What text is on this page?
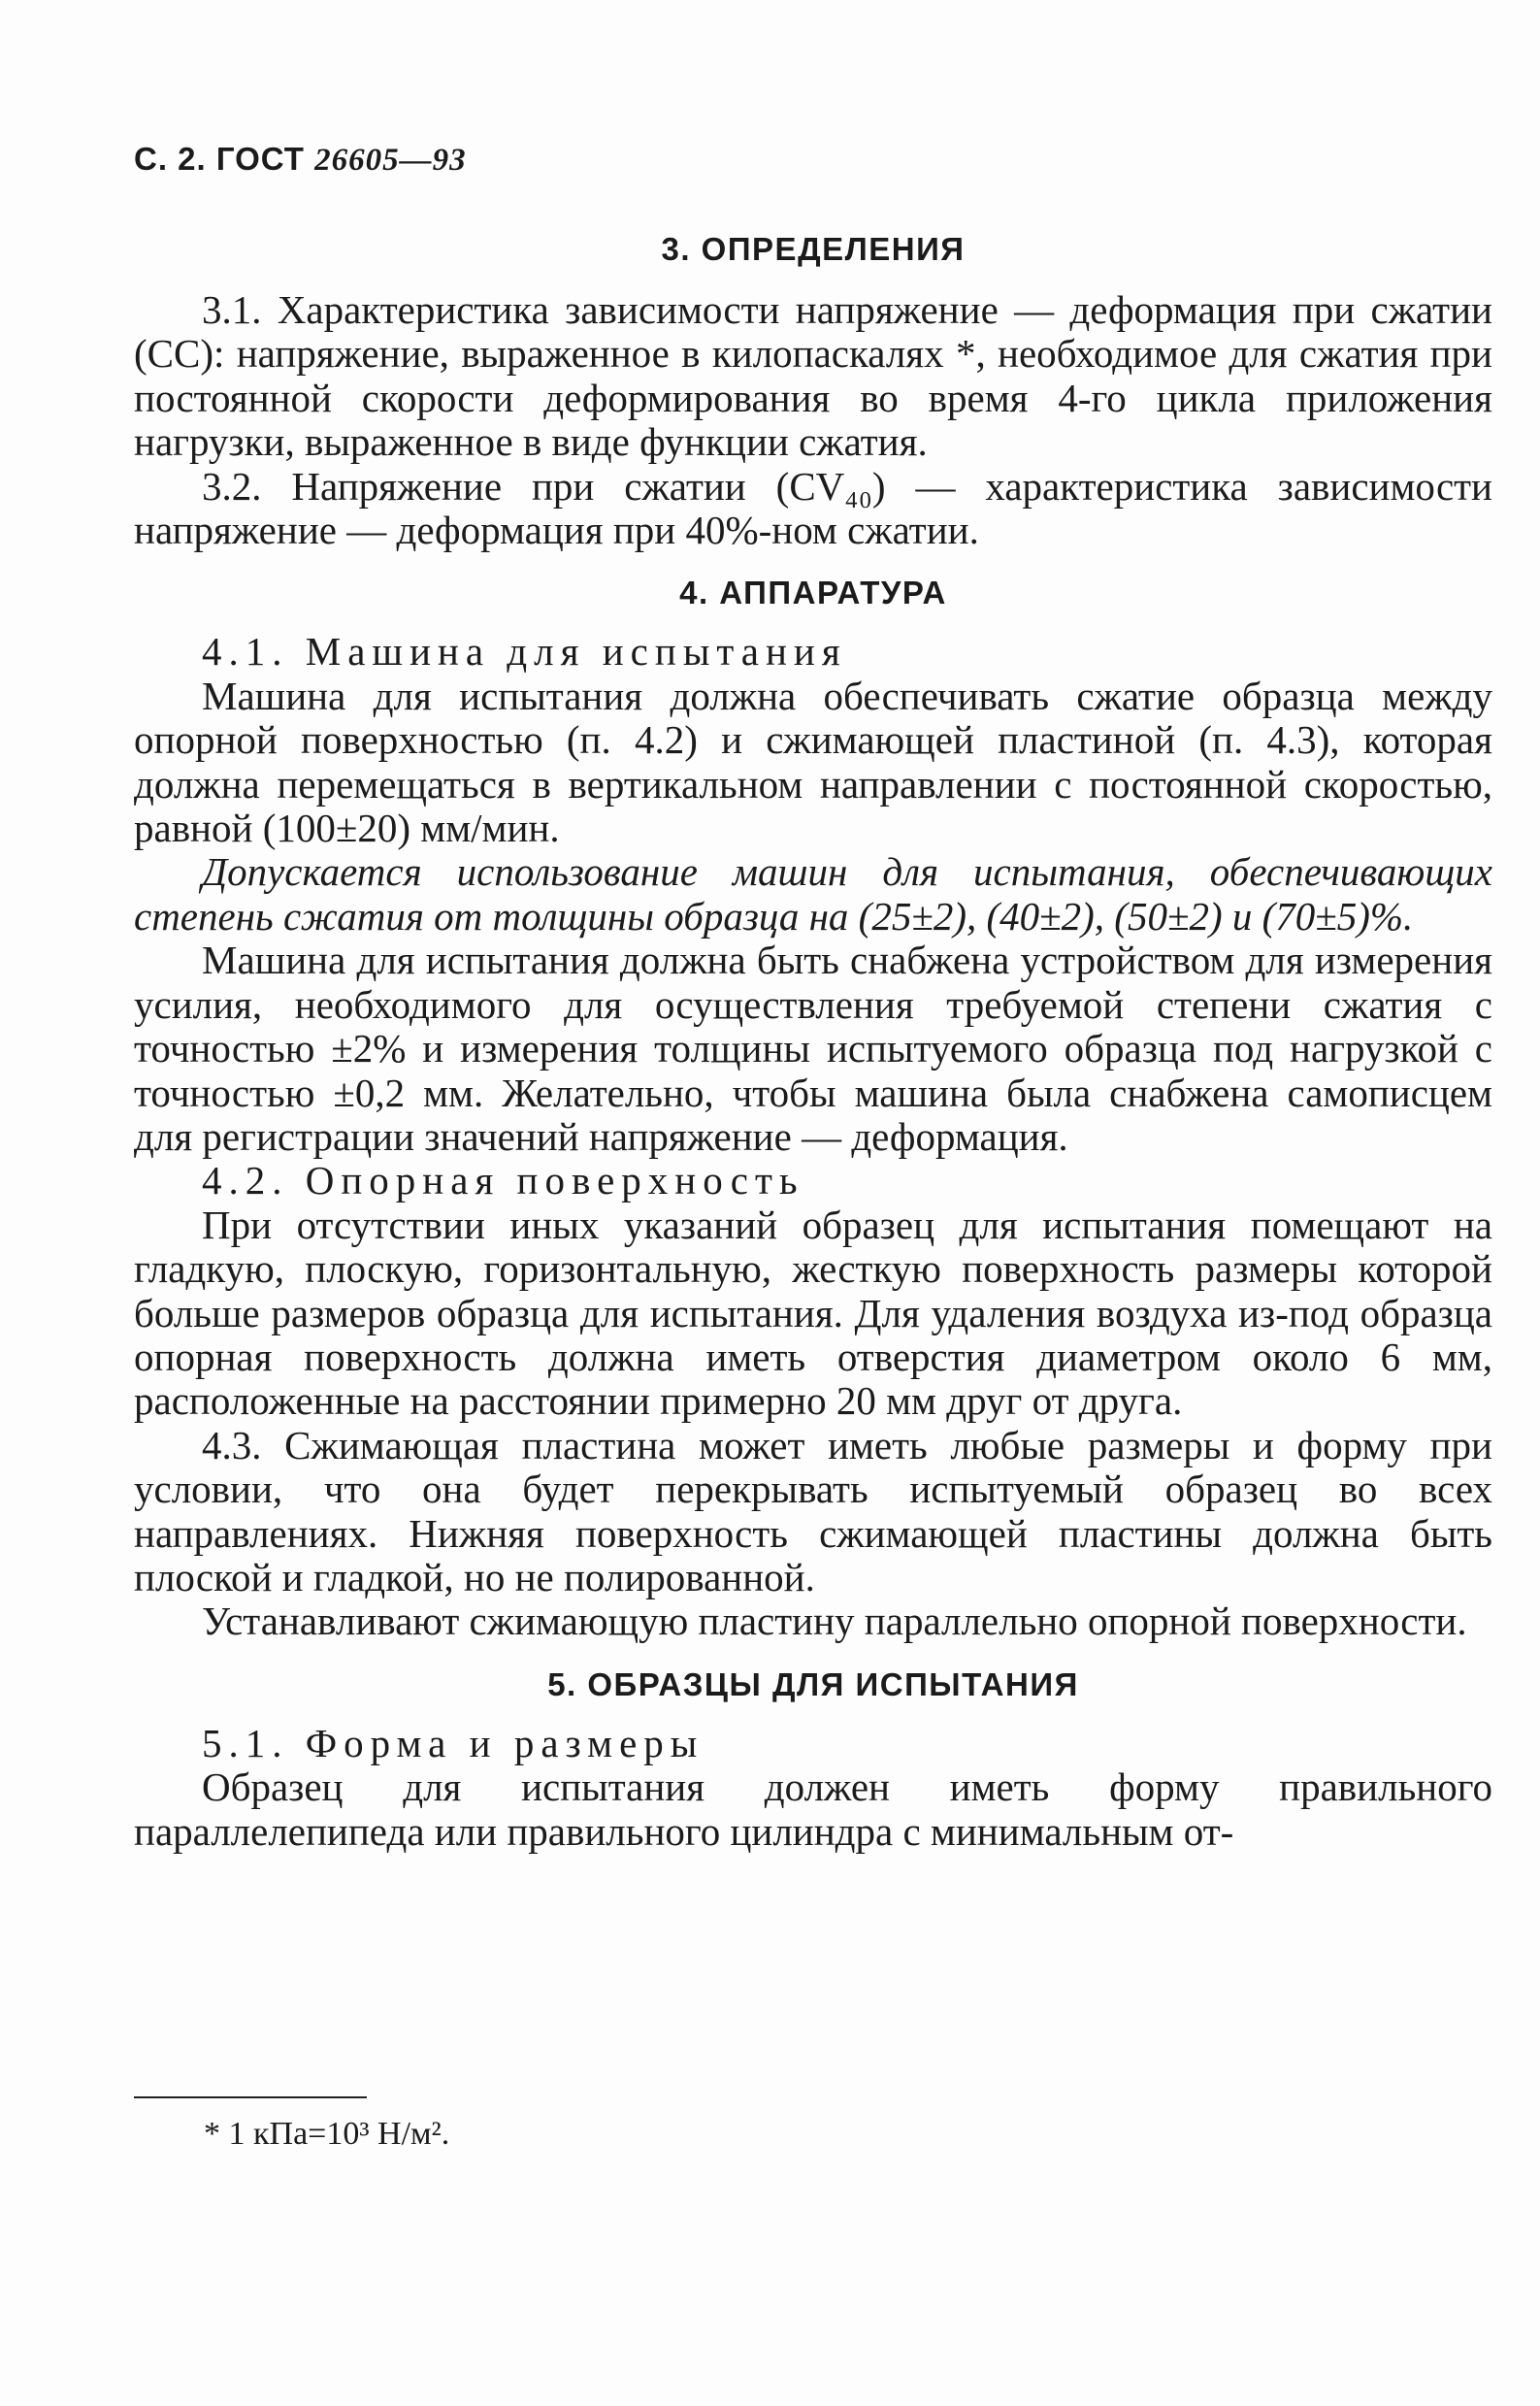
С. 2. ГОСТ 26605—93
3. ОПРЕДЕЛЕНИЯ

3.1. Характеристика зависимости напряжение — деформация при сжатии (СС): напряжение, выраженное в килопаскалях *, необходимое для сжатия при постоянной скорости деформирования во время 4-го цикла приложения нагрузки, выраженное в виде функции сжатия.

3.2. Напряжение при сжатии (CV₄₀) — характеристика зависимости напряжение — деформация при 40%-ном сжатии.

4. АППАРАТУРА

4.1. Машина для испытания

Машина для испытания должна обеспечивать сжатие образца между опорной поверхностью (п. 4.2) и сжимающей пластиной (п. 4.3), которая должна перемещаться в вертикальном направлении с постоянной скоростью, равной (100±20) мм/мин.

Допускается использование машин для испытания, обеспечивающих степень сжатия от толщины образца на (25±2), (40±2), (50±2) и (70±5)%.

Машина для испытания должна быть снабжена устройством для измерения усилия, необходимого для осуществления требуемой степени сжатия с точностью ±2% и измерения толщины испытуемого образца под нагрузкой с точностью ±0,2 мм. Желательно, чтобы машина была снабжена самописцем для регистрации значений напряжение — деформация.

4.2. Опорная поверхность

При отсутствии иных указаний образец для испытания помещают на гладкую, плоскую, горизонтальную, жесткую поверхность размеры которой больше размеров образца для испытания. Для удаления воздуха из-под образца опорная поверхность должна иметь отверстия диаметром около 6 мм, расположенные на расстоянии примерно 20 мм друг от друга.

4.3. Сжимающая пластина может иметь любые размеры и форму при условии, что она будет перекрывать испытуемый образец во всех направлениях. Нижняя поверхность сжимающей пластины должна быть плоской и гладкой, но не полированной.

Устанавливают сжимающую пластину параллельно опорной поверхности.

5. ОБРАЗЦЫ ДЛЯ ИСПЫТАНИЯ

5.1. Форма и размеры

Образец для испытания должен иметь форму правильного параллелепипеда или правильного цилиндра с минимальным от-

* 1 кПа=10³ Н/м².
